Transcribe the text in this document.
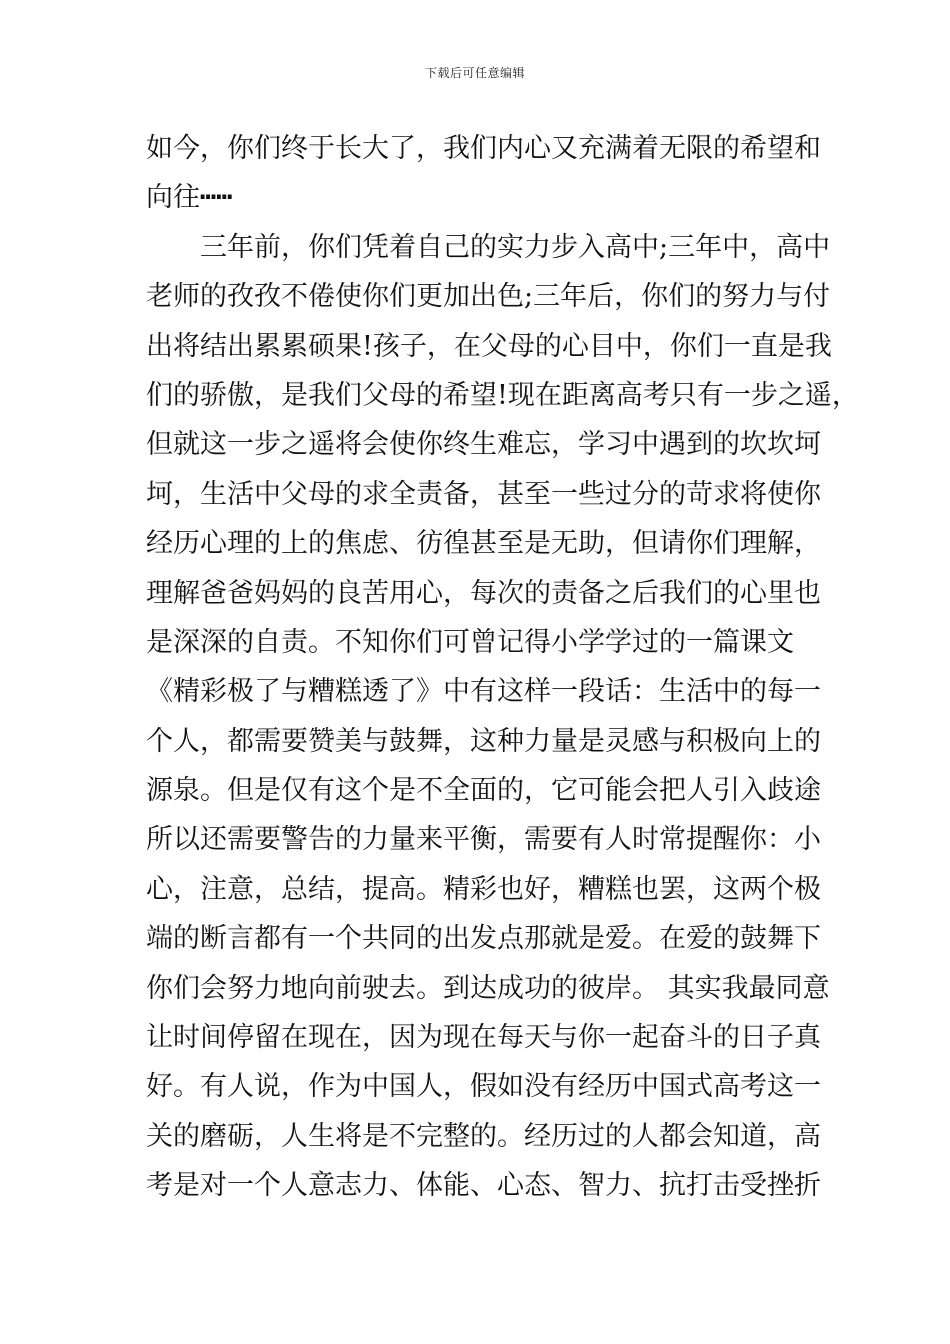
下载后可任意编辑
如今，你们终于长大了，我们内心又充满着无限的希望和
向往┅┅
三年前，你们凭着自己的实力步入高中;三年中，高中
老师的孜孜不倦使你们更加出色;三年后，你们的努力与付
出将结出累累硕果!孩子，在父母的心目中，你们一直是我
们的骄傲，是我们父母的希望!现在距离高考只有一步之遥，
但就这一步之遥将会使你终生难忘，学习中遇到的坎坎坷
坷，生活中父母的求全责备，甚至一些过分的苛求将使你
经历心理的上的焦虑、彷徨甚至是无助，但请你们理解，
理解爸爸妈妈的良苦用心，每次的责备之后我们的心里也
是深深的自责。不知你们可曾记得小学学过的一篇课文
《精彩极了与糟糕透了》中有这样一段话：生活中的每一
个人，都需要赞美与鼓舞，这种力量是灵感与积极向上的
源泉。但是仅有这个是不全面的，它可能会把人引入歧途
所以还需要警告的力量来平衡，需要有人时常提醒你：小
心，注意，总结，提高。精彩也好，糟糕也罢，这两个极
端的断言都有一个共同的出发点那就是爱。在爱的鼓舞下
你们会努力地向前驶去。到达成功的彼岸。 其实我最同意
让时间停留在现在，因为现在每天与你一起奋斗的日子真
好。有人说，作为中国人，假如没有经历中国式高考这一
关的磨砺，人生将是不完整的。经历过的人都会知道，高
考是对一个人意志力、体能、心态、智力、抗打击受挫折
